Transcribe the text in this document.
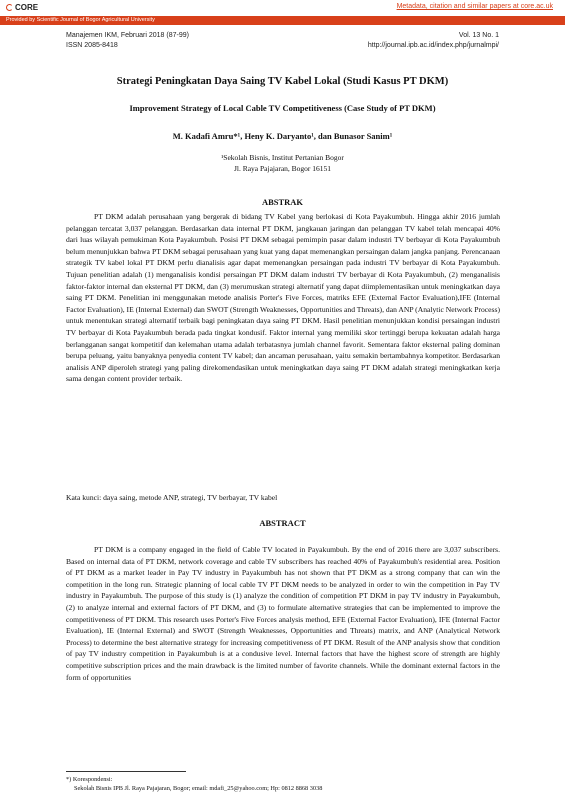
CORE	Metadata, citation and similar papers at core.ac.uk
Provided by Scientific Journal of Bogor Agricultural University
Manajemen IKM, Februari 2018 (87-99)
ISSN 2085-8418
Vol. 13 No. 1
http://journal.ipb.ac.id/index.php/jurnalmpi/
Strategi Peningkatan Daya Saing TV Kabel Lokal (Studi Kasus PT DKM)
Improvement Strategy of Local Cable TV Competitiveness (Case Study of PT DKM)
M. Kadafi Amru*¹, Heny K. Daryanto¹, dan Bunasor Sanim¹
¹Sekolah Bisnis, Institut Pertanian Bogor
Jl. Raya Pajajaran, Bogor 16151
ABSTRAK
PT DKM adalah perusahaan yang bergerak di bidang TV Kabel yang berlokasi di Kota Payakumbuh. Hingga akhir 2016 jumlah pelanggan tercatat 3,037 pelanggan. Berdasarkan data internal PT DKM, jangkauan jaringan dan pelanggan TV kabel telah mencapai 40% dari luas wilayah pemukiman Kota Payakumbuh. Posisi PT DKM sebagai pemimpin pasar dalam industri TV berbayar di Kota Payakumbuh belum menunjukkan bahwa PT DKM sebagai perusahaan yang kuat yang dapat memenangkan persaingan dalam jangka panjang. Perencanaan strategik TV kabel lokal PT DKM perlu dianalisis agar dapat memenangkan persaingan pada industri TV berbayar di Kota Payakumbuh. Tujuan penelitian adalah (1) menganalisis kondisi persaingan PT DKM dalam industri TV berbayar di Kota Payakumbuh, (2) menganalisis faktor-faktor internal dan eksternal PT DKM, dan (3) merumuskan strategi alternatif yang dapat diimplementasikan untuk meningkatkan daya saing PT DKM. Penelitian ini menggunakan metode analisis Porter's Five Forces, matriks EFE (External Factor Evaluation),IFE (Internal Factor Evaluation), IE (Internal External) dan SWOT (Strength Weaknesses, Opportunities and Threats), dan ANP (Analytic Network Process) untuk menentukan strategi alternatif terbaik bagi peningkatan daya saing PT DKM. Hasil penelitian menunjukkan kondisi persaingan industri TV berbayar di Kota Payakumbuh berada pada tingkat kondusif. Faktor internal yang memiliki skor tertinggi berupa kekuatan adalah harga berlangganan sangat kompetitif dan kelemahan utama adalah terbatasnya jumlah channel favorit. Sementara faktor eksternal paling dominan berupa peluang, yaitu banyaknya penyedia content TV kabel; dan ancaman perusahaan, yaitu semakin bertambahnya kompetitor. Berdasarkan analisis ANP diperoleh strategi yang paling direkomendasikan untuk meningkatkan daya saing PT DKM adalah strategi meningkatkan kerja sama dengan content provider terbaik.
Kata kunci: daya saing, metode ANP, strategi, TV berbayar, TV kabel
ABSTRACT
PT DKM is a company engaged in the field of Cable TV located in Payakumbuh. By the end of 2016 there are 3,037 subscribers. Based on internal data of PT DKM, network coverage and cable TV subscribers has reached 40% of Payakumbuh's residential area. Position of PT DKM as a market leader in Pay TV industry in Payakumbuh has not shown that PT DKM as a strong company that can win the competition in the long run. Strategic planning of local cable TV PT DKM needs to be analyzed in order to win the competition in Pay TV industry in Payakumbuh. The purpose of this study is (1) analyze the condition of competition PT DKM in pay TV industry in Payakumbuh, (2) to analyze internal and external factors of PT DKM, and (3) to formulate alternative strategies that can be implemented to improve the competitiveness of PT DKM. This research uses Porter's Five Forces analysis method, EFE (External Factor Evaluation), IFE (Internal Factor Evaluation), IE (Internal External) and SWOT (Strength Weaknesses, Opportunities and Threats) matrix, and ANP (Analytical Network Process) to determine the best alternative strategy for increasing competitiveness of PT DKM. Result of the ANP analysis show that condition of pay TV industry competition in Payakumbuh is at a condusive level. Internal factors that have the highest score of strength are highly competitive subscription prices and the main drawback is the limited number of favorite channels. While the dominant external factors in the form of opportunities
*) Korespondensi:
Sekolah Bisnis IPB Jl. Raya Pajajaran, Bogor; email: mdafi_25@yahoo.com; Hp: 0812 8868 3038
